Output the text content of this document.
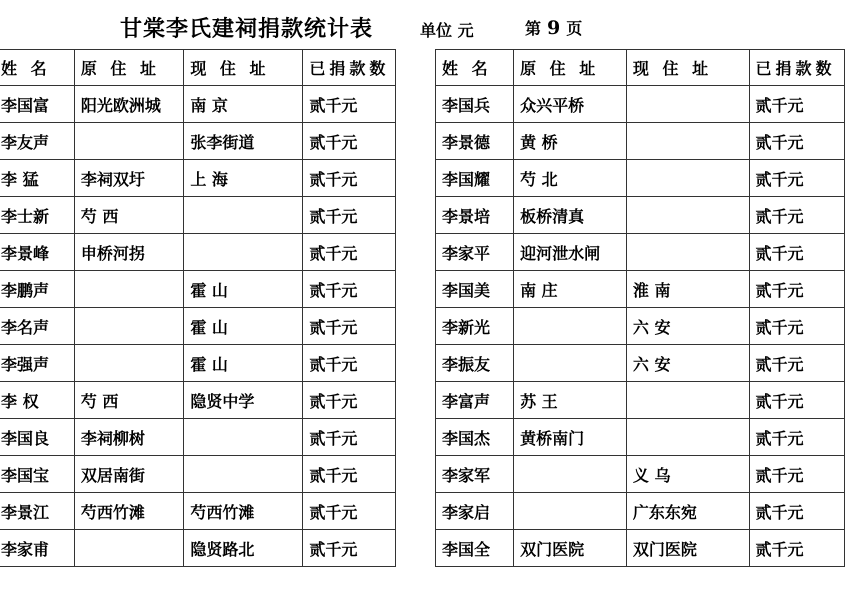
甘棠李氏建祠捐款统计表	单位 元	第 9 页
姓 名	原 住 址	现 住 址	已捐款数
李国富	阳光欧洲城	南 京	贰千元
李友声		张李街道	贰千元
李 猛	李祠双圩	上 海	贰千元
李士新	芍 西		贰千元
李景峰	申桥河拐		贰千元
李鹏声		霍 山	贰千元
李名声		霍 山	贰千元
李强声		霍 山	贰千元
李 权	芍 西	隐贤中学	贰千元
李国良	李祠柳树		贰千元
李国宝	双居南街		贰千元
李景江	芍西竹滩	芍西竹滩	贰千元
李家甫		隐贤路北	贰千元
姓 名	原 住 址	现 住 址	已捐款数
李国兵	众兴平桥		贰千元
李景德	黄 桥		贰千元
李国耀	芍 北		贰千元
李景培	板桥清真		贰千元
李家平	迎河泄水闸		贰千元
李国美	南 庄	淮 南	贰千元
李新光		六 安	贰千元
李振友		六 安	贰千元
李富声	苏 王		贰千元
李国杰	黄桥南门		贰千元
李家军		义 乌	贰千元
李家启		广东东宛	贰千元
李国全	双门医院	双门医院	贰千元
